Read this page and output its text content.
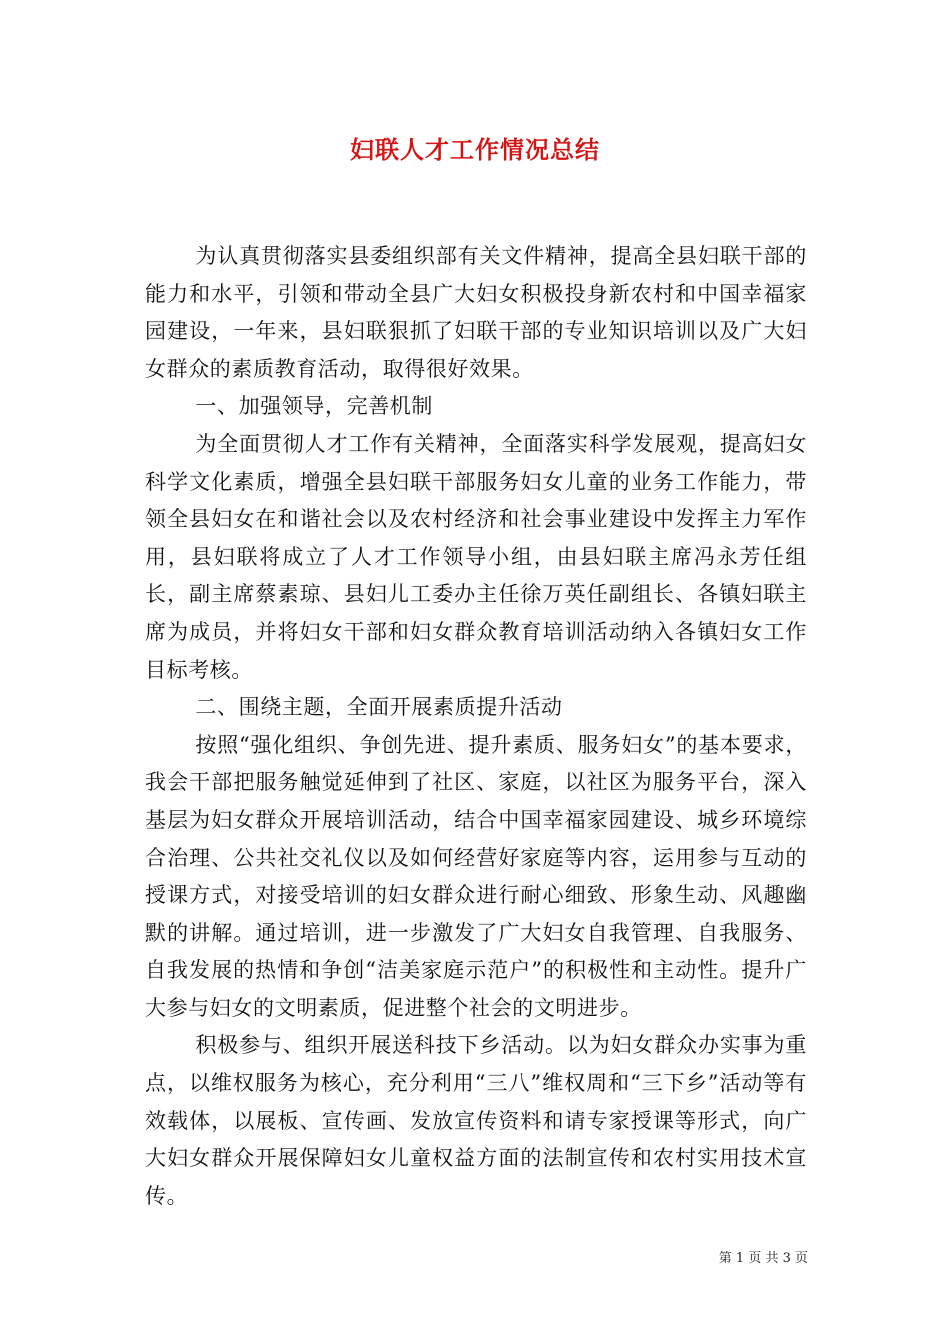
妇联人才工作情况总结

为认真贯彻落实县委组织部有关文件精神，提高全县妇联干部的能力和水平，引领和带动全县广大妇女积极投身新农村和中国幸福家园建设，一年来，县妇联狠抓了妇联干部的专业知识培训以及广大妇女群众的素质教育活动，取得很好效果。

一、加强领导，完善机制

为全面贯彻人才工作有关精神，全面落实科学发展观，提高妇女科学文化素质，增强全县妇联干部服务妇女儿童的业务工作能力，带领全县妇女在和谐社会以及农村经济和社会事业建设中发挥主力军作用，县妇联将成立了人才工作领导小组，由县妇联主席冯永芳任组长，副主席蔡素琼、县妇儿工委办主任徐万英任副组长、各镇妇联主席为成员，并将妇女干部和妇女群众教育培训活动纳入各镇妇女工作目标考核。

二、围绕主题，全面开展素质提升活动

按照“强化组织、争创先进、提升素质、服务妇女”的基本要求，我会干部把服务触觉延伸到了社区、家庭，以社区为服务平台，深入基层为妇女群众开展培训活动，结合中国幸福家园建设、城乡环境综合治理、公共社交礼仪以及如何经营好家庭等内容，运用参与互动的授课方式，对接受培训的妇女群众进行耐心细致、形象生动、风趣幽默的讲解。通过培训，进一步激发了广大妇女自我管理、自我服务、自我发展的热情和争创“洁美家庭示范户”的积极性和主动性。提升广大参与妇女的文明素质，促进整个社会的文明进步。

积极参与、组织开展送科技下乡活动。以为妇女群众办实事为重点，以维权服务为核心，充分利用“三八”维权周和“三下乡”活动等有效载体，以展板、宣传画、发放宣传资料和请专家授课等形式，向广大妇女群众开展保障妇女儿童权益方面的法制宣传和农村实用技术宣传。

第 1 页 共 3 页
